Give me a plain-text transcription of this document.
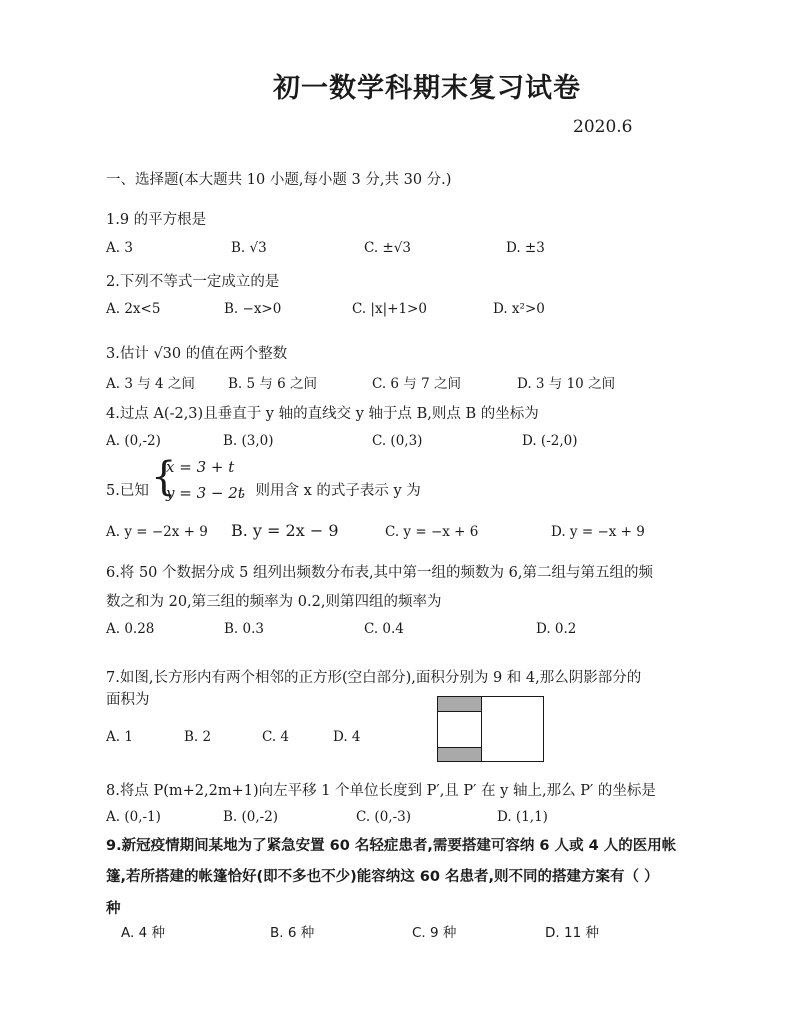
初一数学科期末复习试卷
2020.6
一、选择题(本大题共 10 小题,每小题 3 分,共 30 分.)
1.9 的平方根是
A. 3	B. √3	C. ±√3	D. ±3
2.下列不等式一定成立的是
A. 2x<5	B. −x>0	C. |x|+1>0	D. x²>0
3.估计 √30 的值在两个整数
A. 3 与 4 之间 B. 5 与 6 之间	C. 6 与 7 之间	D. 3 与 10 之间
4.过点 A(-2,3)且垂直于 y 轴的直线交 y 轴于点 B,则点 B 的坐标为
A. (0,-2)	B. (3,0)	C. (0,3)	D. (-2,0)
5.已知 {
x = 3 + t
y = 3 − 2t
，则用含 x 的式子表示 y 为
A. y = −2x + 9 B. y = 2x − 9	C. y = −x + 6	D. y = −x + 9
6.将 50 个数据分成 5 组列出频数分布表,其中第一组的频数为 6,第二组与第五组的频
数之和为 20,第三组的频率为 0.2,则第四组的频率为
A. 0.28	B. 0.3	C. 0.4	D. 0.2
7.如图,长方形内有两个相邻的正方形(空白部分),面积分别为 9 和 4,那么阴影部分的
面积为
A. 1	B. 2	C. 4	D. 4
8.将点 P(m+2,2m+1)向左平移 1 个单位长度到 P′,且 P′ 在 y 轴上,那么 P′ 的坐标是
A. (0,-1)	B. (0,-2)	C. (0,-3)	D. (1,1)
9.新冠疫情期间某地为了紧急安置 60 名轻症患者,需要搭建可容纳 6 人或 4 人的医用帐
篷,若所搭建的帐篷恰好(即不多也不少)能容纳这 60 名患者,则不同的搭建方案有（ ）
种
A. 4 种	B. 6 种	C. 9 种	D. 11 种
